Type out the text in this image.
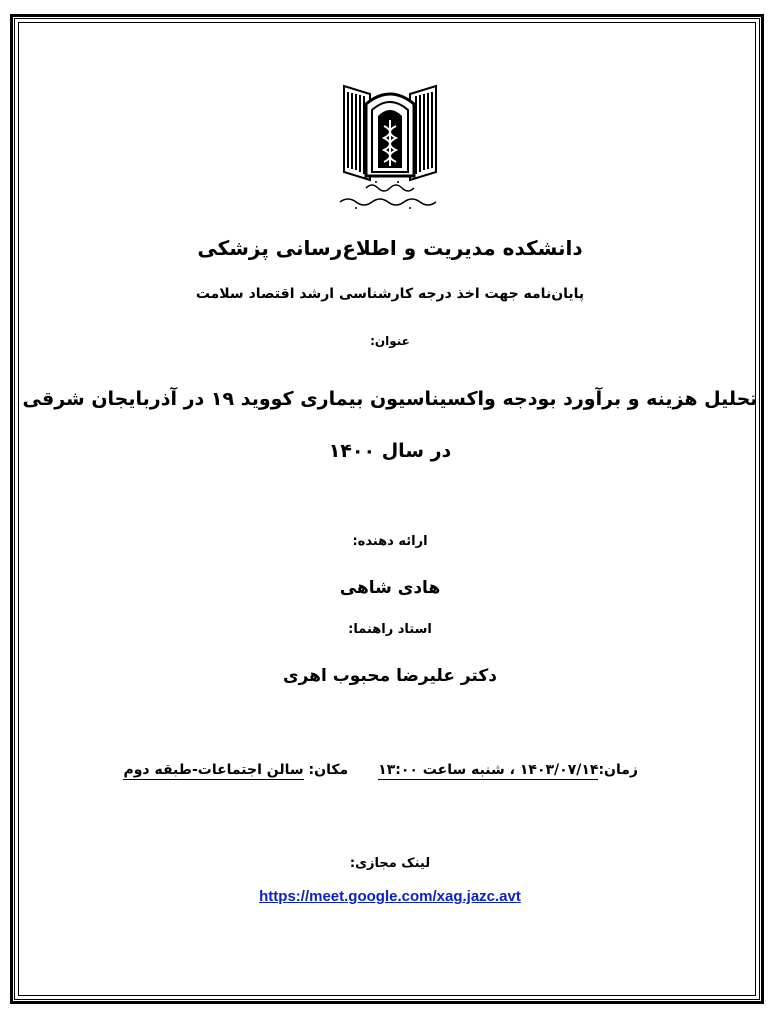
دانشکده مدیریت و اطلاع‌رسانی پزشکی
پایان‌نامه جهت اخذ درجه کارشناسی ارشد اقتصاد سلامت
عنوان:
تحلیل هزینه و برآورد بودجه واکسیناسیون بیماری کووید ۱۹ در آذربایجان شرقی
در سال ۱۴۰۰
ارائه دهنده:
هادی شاهی
استاد راهنما:
دکتر علیرضا محبوب اهری
زمان:۱۴۰۳/۰۷/۱۴ ، شنبه ساعت ۱۳:۰۰مکان: سالن اجتماعات-طبقه دوم
لینک مجازی:
https://meet.google.com/xag.jazc.avt
